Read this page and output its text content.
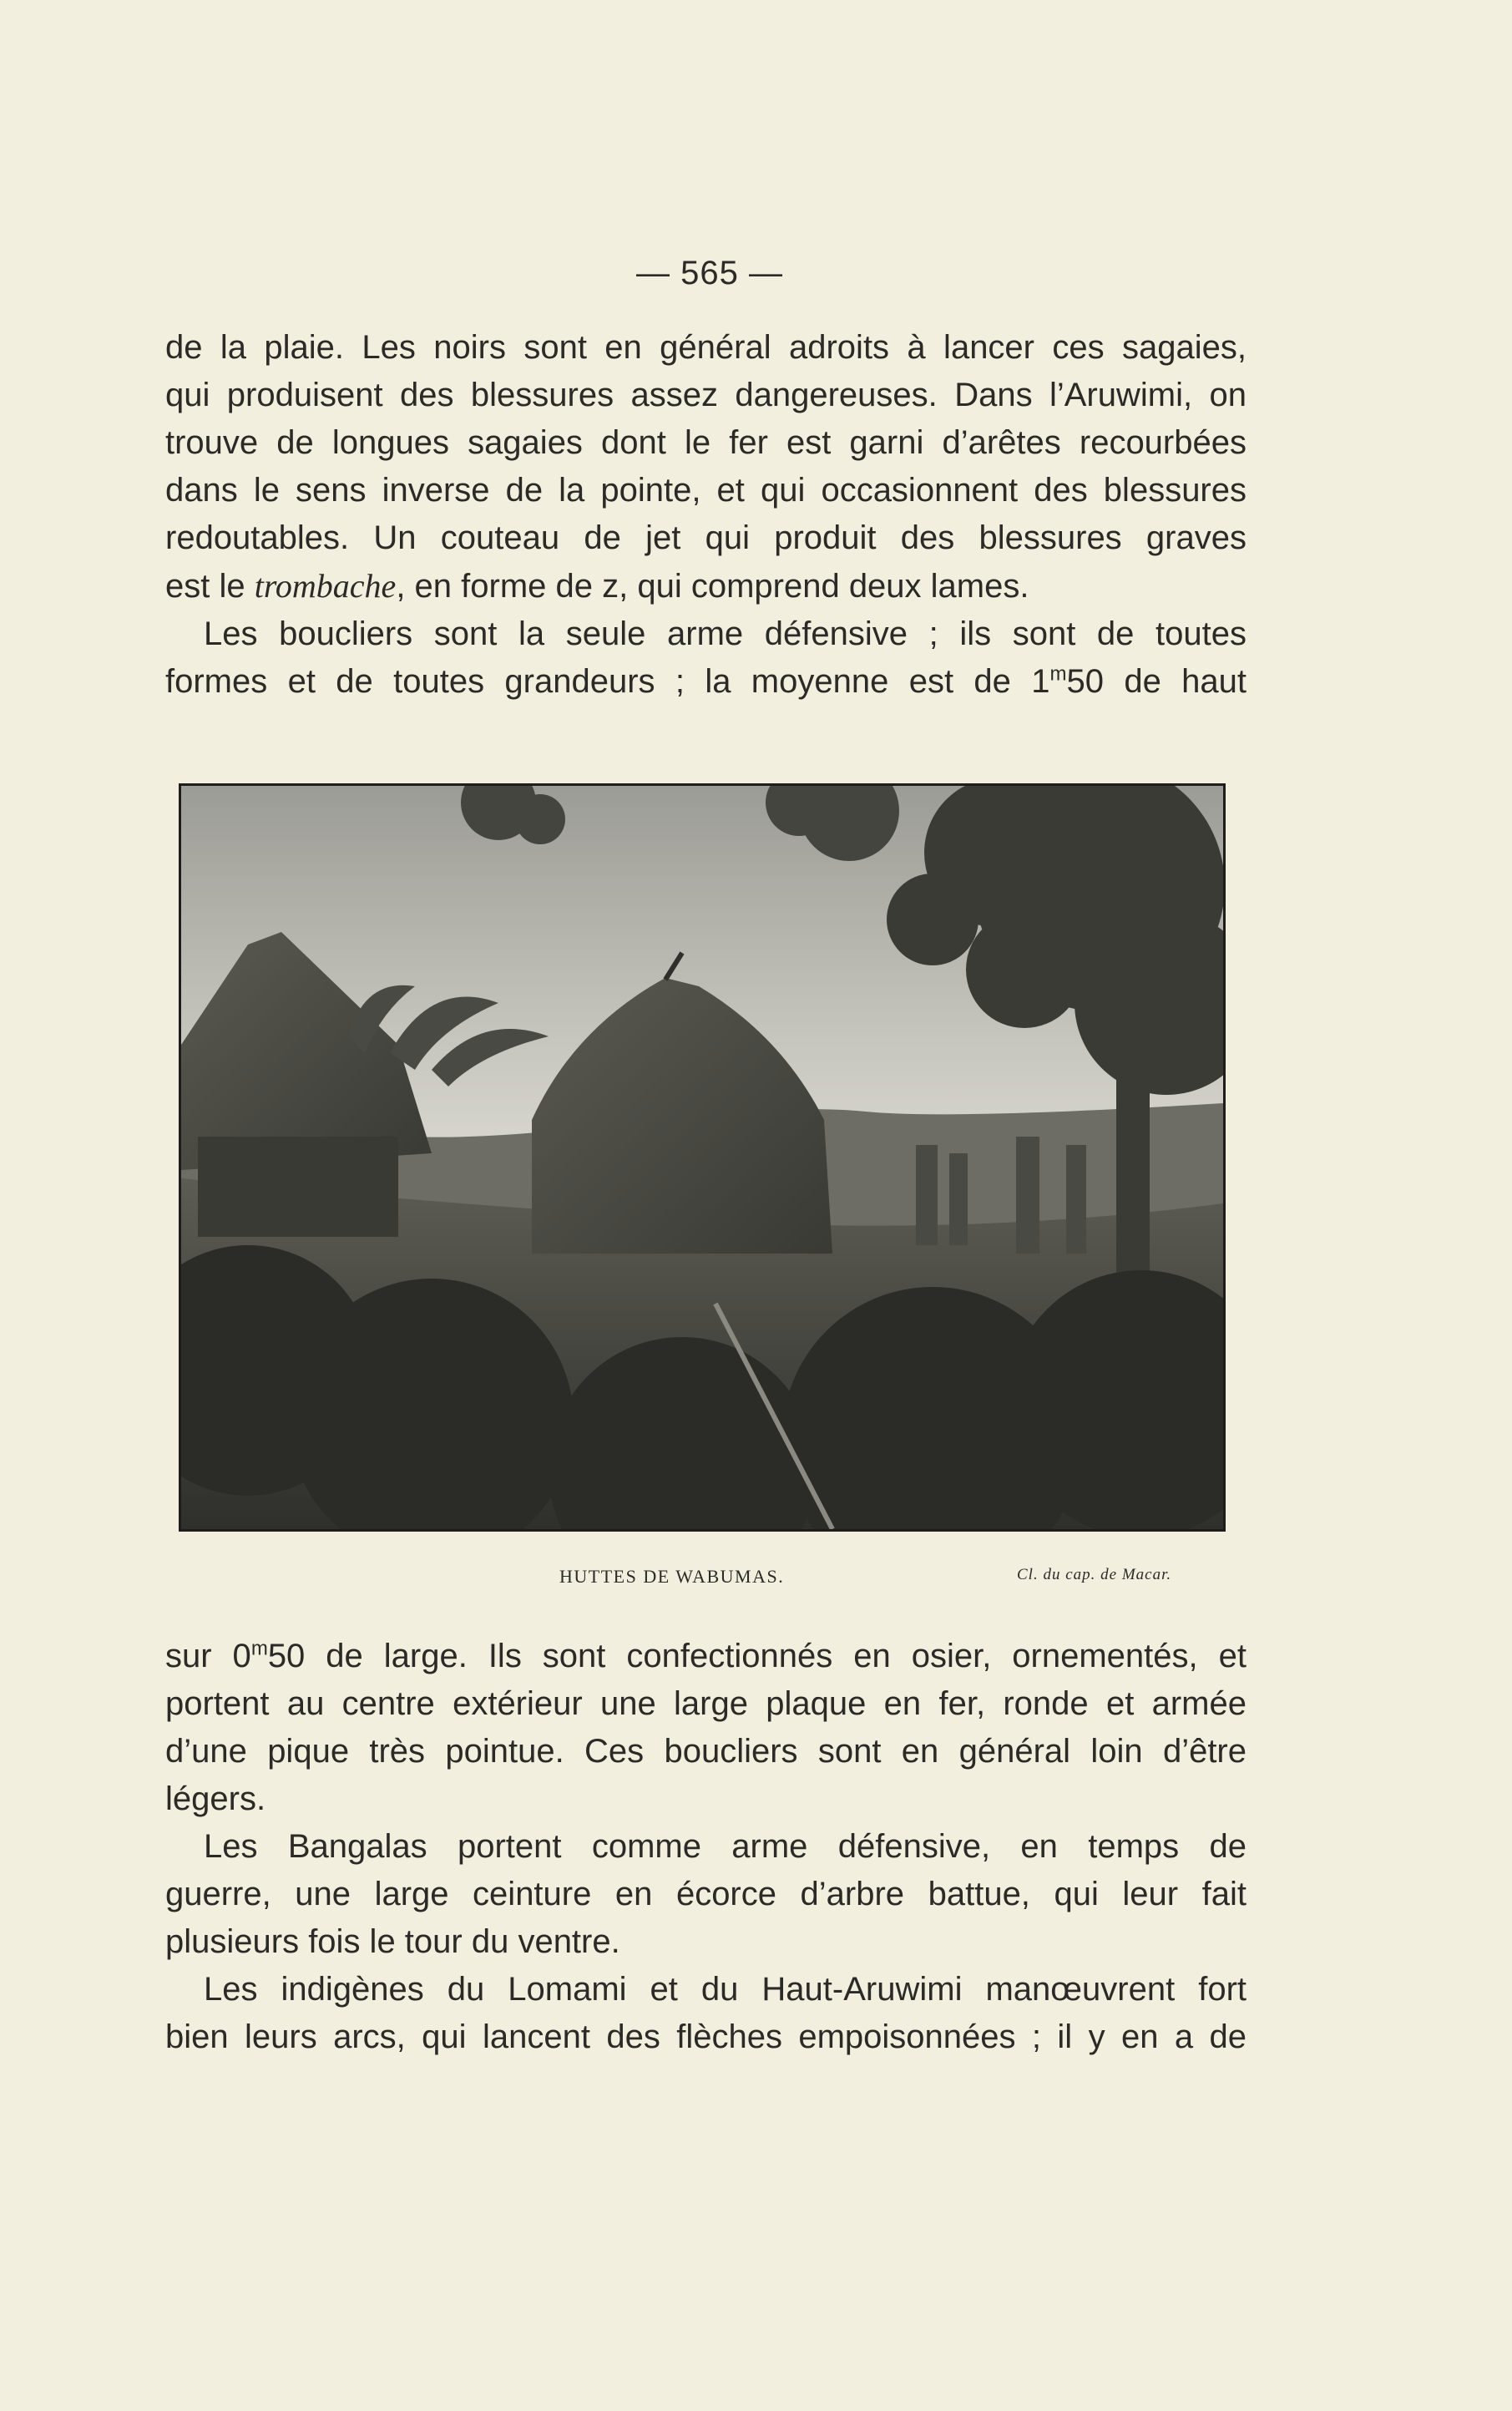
— 565 —
de la plaie. Les noirs sont en général adroits à lancer ces sagaies,
qui produisent des blessures assez dangereuses. Dans l’Aruwimi, on
trouve de longues sagaies dont le fer est garni d’arêtes recourbées
dans le sens inverse de la pointe, et qui occasionnent des blessures
redoutables. Un couteau de jet qui produit des blessures graves
est le trombache, en forme de z, qui comprend deux lames.
Les boucliers sont la seule arme défensive ; ils sont de toutes
formes et de toutes grandeurs ; la moyenne est de 1$^m$50 de haut
HUTTES DE WABUMAS.	Cl. du cap. de Macar.
sur 0$^m$50 de large. Ils sont confectionnés en osier, ornementés, et
portent au centre extérieur une large plaque en fer, ronde et armée
d’une pique très pointue. Ces boucliers sont en général loin d’être
légers.
Les Bangalas portent comme arme défensive, en temps de
guerre, une large ceinture en écorce d’arbre battue, qui leur fait
plusieurs fois le tour du ventre.
Les indigènes du Lomami et du Haut-Aruwimi manœuvrent fort
bien leurs arcs, qui lancent des flèches empoisonnées ; il y en a de
